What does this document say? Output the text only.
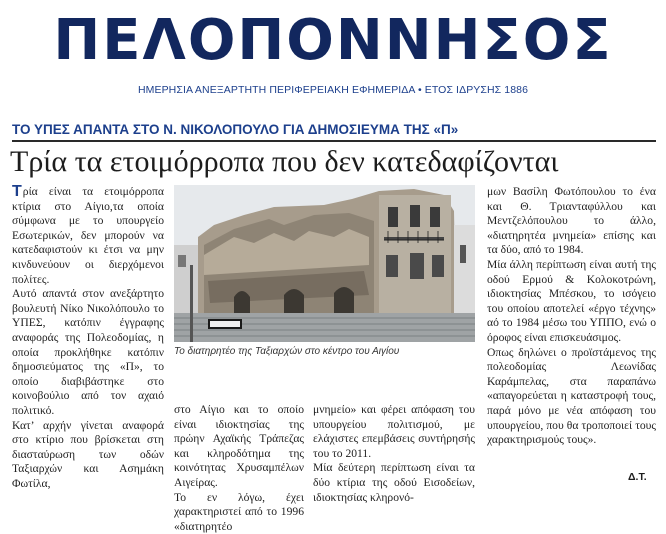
ΠΕΛΟΠΟΝΝΗΣΟΣ
ΗΜΕΡΗΣΙΑ ΑΝΕΞΑΡΤΗΤΗ ΠΕΡΙΦΕΡΕΙΑΚΗ ΕΦΗΜΕΡΙΔΑ • ΕΤΟΣ ΙΔΡΥΣΗΣ 1886
ΤΟ ΥΠΕΣ ΑΠΑΝΤΑ ΣΤΟ Ν. ΝΙΚΟΛΟΠΟΥΛΟ ΓΙΑ ΔΗΜΟΣΙΕΥΜΑ ΤΗΣ «Π»
Τρία τα ετοιμόρροπα που δεν κατεδαφίζονται

Τ ρία είναι τα ετοιμόρροπα κτίρια στο Αίγιο,τα οποία σύμφωνα με το υπουργείο Εσωτερικών, δεν μπορούν να κατεδαφιστούν κι έτσι να μην κινδυνεύουν οι διερχόμενοι πολίτες.

Αυτό απαντά στον ανεξάρτητο βουλευτή Νίκο Νικολόπουλο το ΥΠΕΣ, κατόπιν έγγραφης αναφοράς της Πολεοδομίας, η οποία προκλήθηκε κατόπιν δημοσιεύματος της «Π», το οποίο διαβιβάστηκε στο κοινοβούλιο από τον αχαιό πολιτικό.

Κατ’ αρχήν γίνεται αναφορά στο κτίριο που βρίσκεται στη διασταύρωση των οδών Ταξιαρχών και Ασημάκη Φωτίλα,

Το διατηρητέο της Ταξιαρχών στο κέντρο του Αιγίου

στο Αίγιο και το οποίο είναι ιδιοκτησίας της πρώην Αχαϊκής Τράπεζας και κληροδότημα της κοινότητας Χρυσαμπέλων Αιγείρας.

Το εν λόγω, έχει χαρακτηριστεί από το 1996 «διατηρητέο

μνημείο» και φέρει απόφαση του υπουργείου πολιτισμού, με ελάχιστες επεμβάσεις συντήρησής του το 2011.

Μία δεύτερη περίπτωση είναι τα δύο κτίρια της οδού Εισοδείων, ιδιοκτησίας κληρονό-

μων Βασίλη Φωτόπουλου το ένα και Θ. Τριανταφύλλου και Μεντζελόπουλου το άλλο, «διατηρητέα μνημεία» επίσης και τα δύο, από το 1984.

Μία άλλη περίπτωση είναι αυτή της οδού Ερμού & Κολοκοτρώνη, ιδιοκτησίας Μπέσκου, το ισόγειο του οποίου αποτελεί «έργο τέχνης» αό το 1984 μέσω του ΥΠΠΟ, ενώ ο όροφος είναι επισκευάσιμος.

Οπως δηλώνει ο προϊστάμενος της πολεοδομίας Λεωνίδας Καράμπελας, στα παραπάνω «απαγορεύεται η καταστροφή τους, παρά μόνο με νέα απόφαση του υπουργείου, που θα τροποποιεί τους χαρακτηρισμούς τους».

Δ.Τ.
